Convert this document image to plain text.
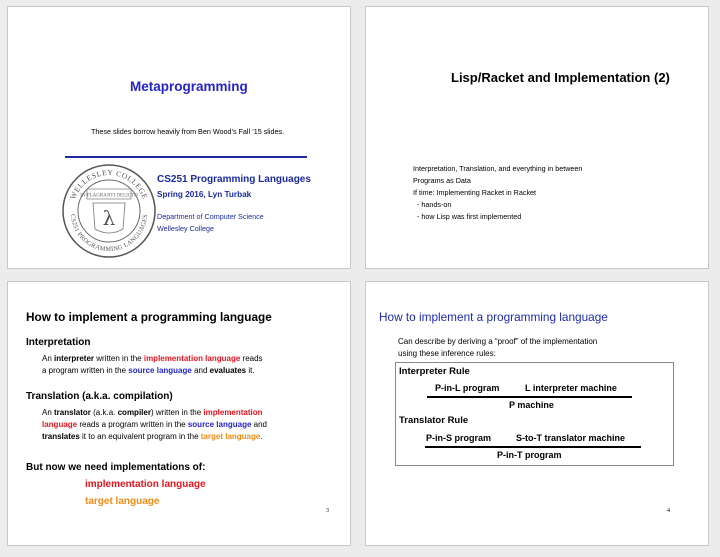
Metaprogramming
These slides borrow heavily from Ben Wood’s Fall ’15 slides.
WELLESLEY COLLEGE
CS251 PROGRAMMING LANGUAGES
IN FLAGRANTI DELICTO
λ
CS251 Programming Languages
Spring 2016, Lyn Turbak
Department of Computer Science
Wellesley College
Lisp/Racket and Implementation (2)
Interpretation, Translation, and everything in between
Programs as Data
If time: Implementing Racket in Racket
- hands-on
- how Lisp was first implemented
How to implement a programming language
Interpretation
An interpreter written in the implementation language reads
a program written in the source language and evaluates it.
Translation (a.k.a. compilation)
An translator (a.k.a. compiler) written in the implementation
language reads a program written in the source language and
translates it to an equivalent program in the target language.
But now we need implementations of:
implementation language
target language
3
How to implement a programming language
Can describe by deriving a “proof” of the implementation
using these inference rules:
Interpreter Rule
P-in-L program	L interpreter machine
P machine
Translator Rule
P-in-S program	S-to-T translator machine
P-in-T program
4
